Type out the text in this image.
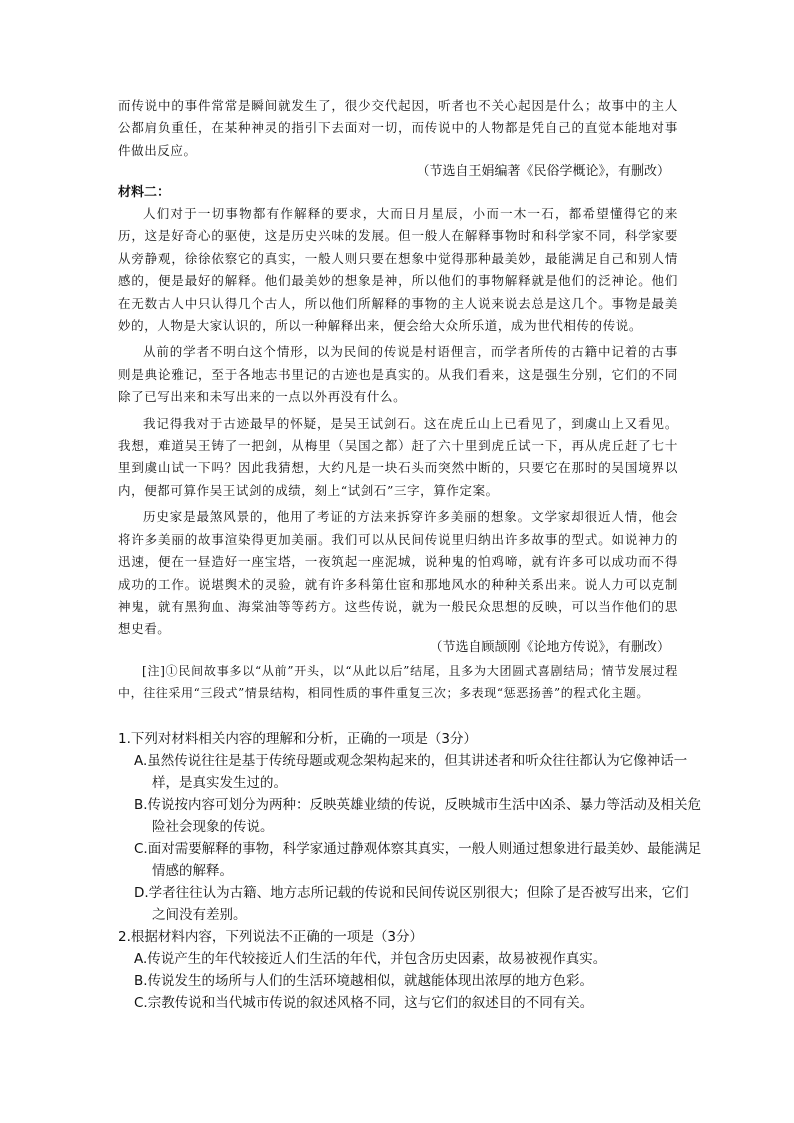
而传说中的事件常常是瞬间就发生了，很少交代起因，听者也不关心起因是什么；故事中的主人公都肩负重任，在某种神灵的指引下去面对一切，而传说中的人物都是凭自己的直觉本能地对事件做出反应。

（节选自王娟编著《民俗学概论》，有删改）
材料二：

人们对于一切事物都有作解释的要求，大而日月星辰，小而一木一石，都希望懂得它的来历，这是好奇心的驱使，这是历史兴味的发展。但一般人在解释事物时和科学家不同，科学家要从旁静观，徐徐依察它的真实，一般人则只要在想象中觉得那种最美妙，最能满足自己和别人情感的，便是最好的解释。他们最美妙的想象是神，所以他们的事物解释就是他们的泛神论。他们在无数古人中只认得几个古人，所以他们所解释的事物的主人说来说去总是这几个。事物是最美妙的，人物是大家认识的，所以一种解释出来，便会给大众所乐道，成为世代相传的传说。

从前的学者不明白这个情形，以为民间的传说是村语俚言，而学者所传的古籍中记着的古事则是典论雅记，至于各地志书里记的古迹也是真实的。从我们看来，这是强生分别，它们的不同除了已写出来和未写出来的一点以外再没有什么。

我记得我对于古迹最早的怀疑，是吴王试剑石。这在虎丘山上已看见了，到虞山上又看见。我想，难道吴王铸了一把剑，从梅里（吴国之都）赶了六十里到虎丘试一下，再从虎丘赶了七十里到虞山试一下吗？因此我猜想，大约凡是一块石头而突然中断的，只要它在那时的吴国境界以内，便都可算作吴王试剑的成绩，刻上“试剑石”三字，算作定案。

历史家是最煞风景的，他用了考证的方法来拆穿许多美丽的想象。文学家却很近人情，他会将许多美丽的故事渲染得更加美丽。我们可以从民间传说里归纳出许多故事的型式。如说神力的迅速，便在一昼造好一座宝塔，一夜筑起一座泥城，说种鬼的怕鸡啼，就有许多可以成功而不得成功的工作。说堪舆术的灵验，就有许多科第仕宦和那地风水的种种关系出来。说人力可以克制神鬼，就有黑狗血、海棠油等等药方。这些传说，就为一般民众思想的反映，可以当作他们的思想史看。

（节选自顾颉刚《论地方传说》，有删改）

[注]①民间故事多以“从前”开头，以“从此以后”结尾，且多为大团圆式喜剧结局；情节发展过程中，往往采用“三段式”情景结构，相同性质的事件重复三次；多表现“惩恶扬善”的程式化主题。

1.下列对材料相关内容的理解和分析，正确的一项是（3分）
A.虽然传说往往是基于传统母题或观念架构起来的，但其讲述者和听众往往都认为它像神话一样，是真实发生过的。
B.传说按内容可划分为两种：反映英雄业绩的传说，反映城市生活中凶杀、暴力等活动及相关危险社会现象的传说。
C.面对需要解释的事物，科学家通过静观体察其真实，一般人则通过想象进行最美妙、最能满足情感的解释。
D.学者往往认为古籍、地方志所记载的传说和民间传说区别很大；但除了是否被写出来，它们之间没有差别。
2.根据材料内容，下列说法不正确的一项是（3分）
A.传说产生的年代较接近人们生活的年代，并包含历史因素，故易被视作真实。
B.传说发生的场所与人们的生活环境越相似，就越能体现出浓厚的地方色彩。
C.宗教传说和当代城市传说的叙述风格不同，这与它们的叙述目的不同有关。
